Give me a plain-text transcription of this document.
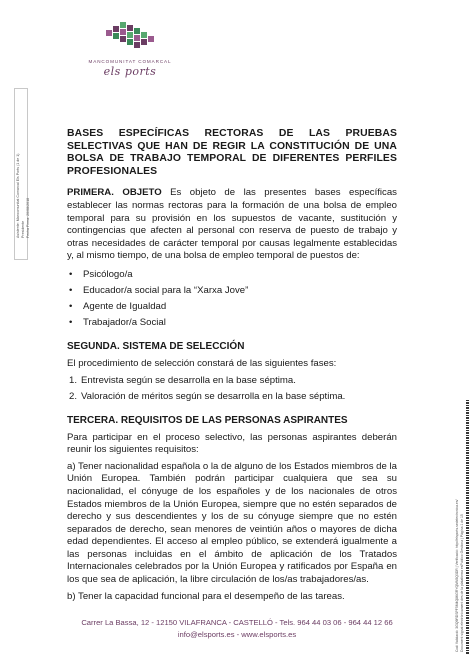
MANCOMUNITAT COMARCAL
els ports
Asistente: Mancomunitat Comarcal Els Ports (1 de 1) Presidente Fecha Firma: 20/08/2018
Codi Validació: 3GQ9RDSPF5M4Q8KGRYQMN5Q3DR | Verificació: http://elsports.sedelectronica.es/ Document signat electrònicament des de la plataforma esPublico Gestiona | Pàgina 1 de 15
BASES ESPECÍFICAS RECTORAS DE LAS PRUEBAS SELECTIVAS QUE HAN DE REGIR LA CONSTITUCIÓN DE UNA BOLSA DE TRABAJO TEMPORAL DE DIFERENTES PERFILES PROFESIONALES

PRIMERA. OBJETO Es objeto de las presentes bases específicas establecer las normas rectoras para la formación de una bolsa de empleo temporal para su provisión en los supuestos de vacante, sustitución y contingencias que afecten al personal con reserva de puesto de trabajo y otras necesidades de carácter temporal por causas legalmente establecidas y, al mismo tiempo, de una bolsa de empleo temporal de puestos de:

• Psicólogo/a
• Educador/a social para la “Xarxa Jove”
• Agente de Igualdad
• Trabajador/a Social
SEGUNDA. SISTEMA DE SELECCIÓN

El procedimiento de selección constará de las siguientes fases:

1. Entrevista según se desarrolla en la base séptima.
2. Valoración de méritos según se desarrolla en la base séptima.
TERCERA. REQUISITOS DE LAS PERSONAS ASPIRANTES

Para participar en el proceso selectivo, las personas aspirantes deberán reunir los siguientes requisitos:

a) Tener nacionalidad española o la de alguno de los Estados miembros de la Unión Europea. También podrán participar cualquiera que sea su nacionalidad, el cónyuge de los españoles y de los nacionales de otros Estados miembros de la Unión Europea, siempre que no estén separados de derecho y sus descendientes y los de su cónyuge siempre que no estén separados de derecho, sean menores de veintiún años o mayores de dicha edad dependientes. El acceso al empleo público, se extenderá igualmente a las personas incluidas en el ámbito de aplicación de los Tratados Internacionales celebrados por la Unión Europea y ratificados por España en los que sea de aplicación, la libre circulación de los/as trabajadores/as.

b) Tener la capacidad funcional para el desempeño de las tareas.

Carrer La Bassa, 12 - 12150 VILAFRANCA - CASTELLÓ - Tels. 964 44 03 06 - 964 44 12 66
info@elsports.es - www.elsports.es
